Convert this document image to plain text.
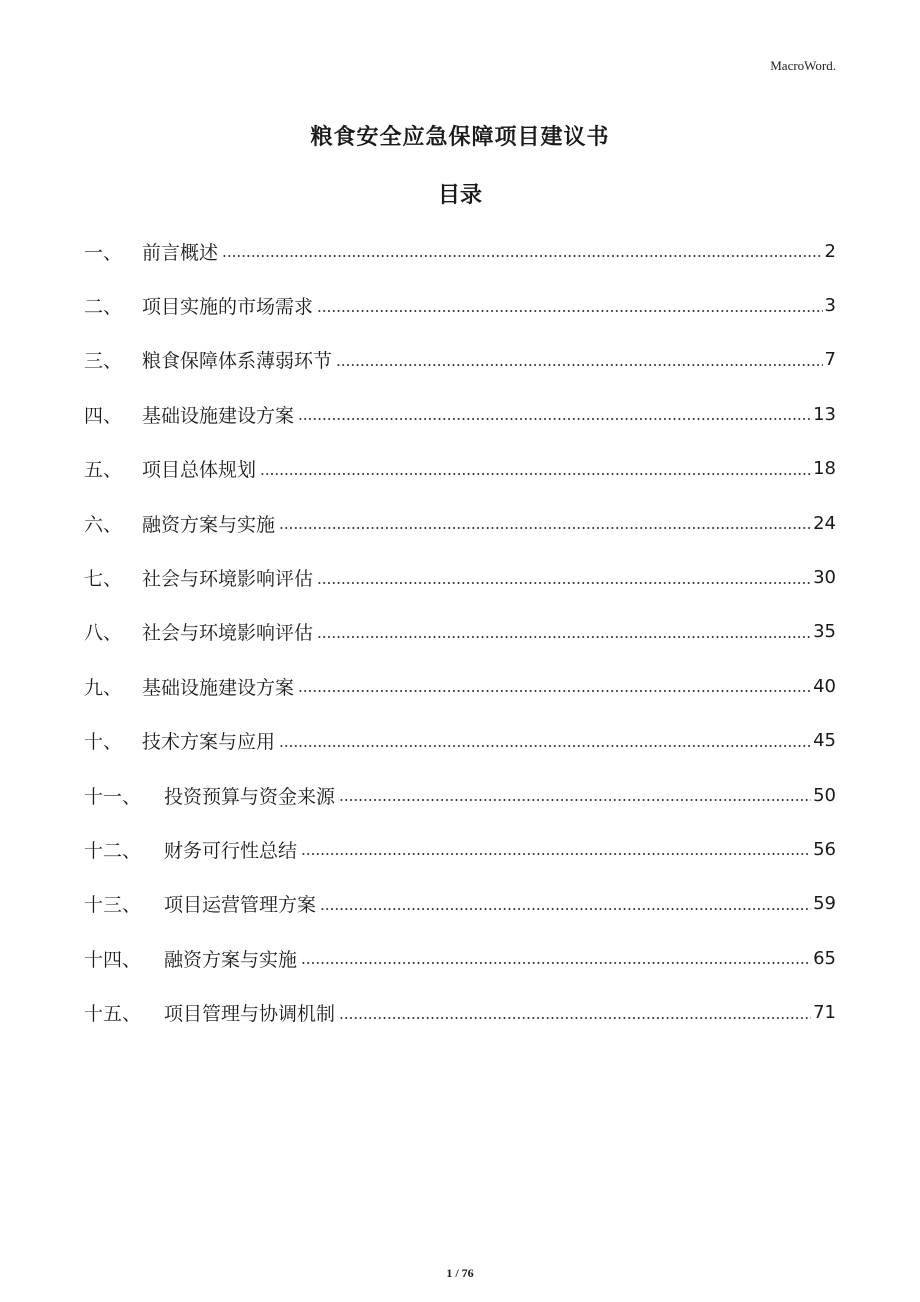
MacroWord.
粮食安全应急保障项目建议书
目录
一、	前言概述	2
二、	项目实施的市场需求	3
三、	粮食保障体系薄弱环节	7
四、	基础设施建设方案	13
五、	项目总体规划	18
六、	融资方案与实施	24
七、	社会与环境影响评估	30
八、	社会与环境影响评估	35
九、	基础设施建设方案	40
十、	技术方案与应用	45
十一、	投资预算与资金来源	50
十二、	财务可行性总结	56
十三、	项目运营管理方案	59
十四、	融资方案与实施	65
十五、	项目管理与协调机制	71
1 / 76
